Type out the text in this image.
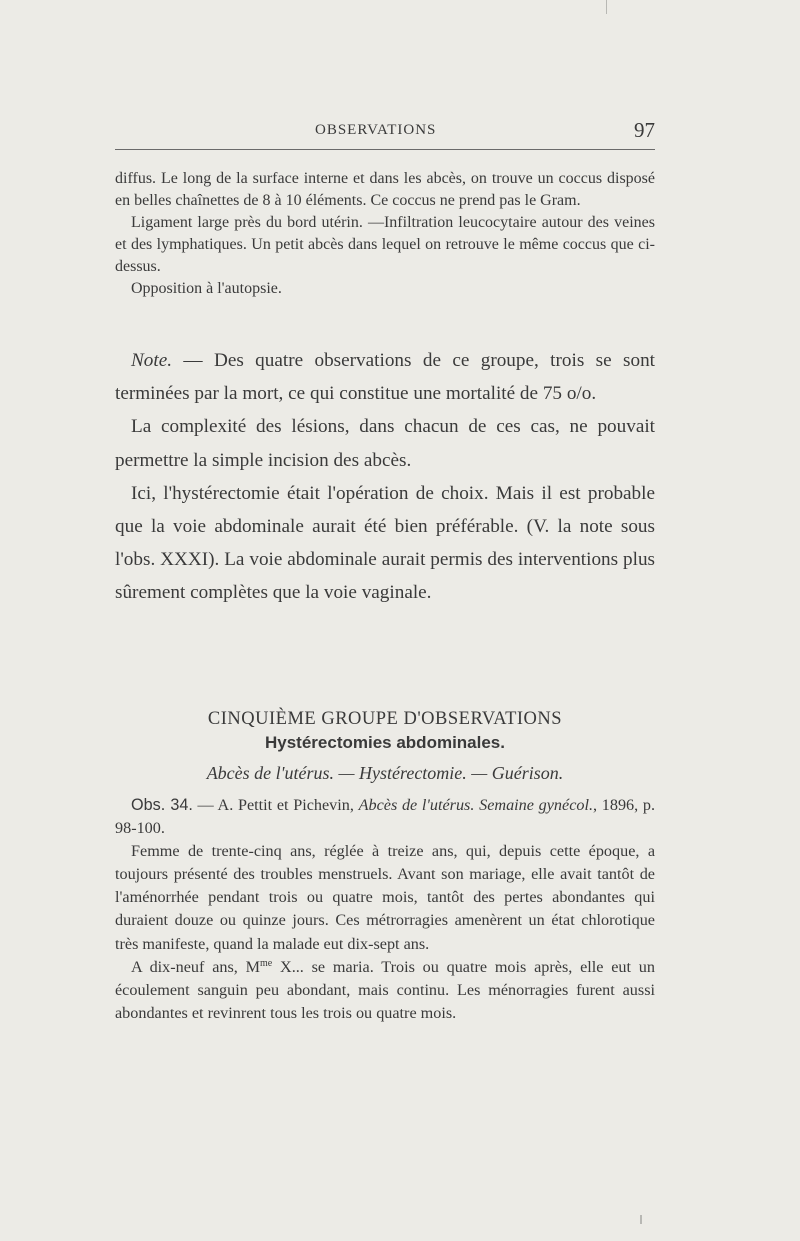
OBSERVATIONS	97

diffus. Le long de la surface interne et dans les abcès, on trouve un coccus disposé en belles chaînettes de 8 à 10 éléments. Ce coccus ne prend pas le Gram.

Ligament large près du bord utérin. —Infiltration leucocytaire autour des veines et des lymphatiques. Un petit abcès dans lequel on retrouve le même coccus que ci-dessus.

Opposition à l'autopsie.

Note. — Des quatre observations de ce groupe, trois se sont terminées par la mort, ce qui constitue une mortalité de 75 o/o.

La complexité des lésions, dans chacun de ces cas, ne pouvait permettre la simple incision des abcès.

Ici, l'hystérectomie était l'opération de choix. Mais il est probable que la voie abdominale aurait été bien préférable. (V. la note sous l'obs. XXXI). La voie abdominale aurait permis des interventions plus sûrement complètes que la voie vaginale.

CINQUIÈME GROUPE D'OBSERVATIONS
Hystérectomies abdominales.
Abcès de l'utérus. — Hystérectomie. — Guérison.

Obs. 34. — A. Pettit et Pichevin, Abcès de l'utérus. Semaine gynécol., 1896, p. 98-100.

Femme de trente-cinq ans, réglée à treize ans, qui, depuis cette époque, a toujours présenté des troubles menstruels. Avant son mariage, elle avait tantôt de l'aménorrhée pendant trois ou quatre mois, tantôt des pertes abondantes qui duraient douze ou quinze jours. Ces métrorragies amenèrent un état chlorotique très manifeste, quand la malade eut dix-sept ans.

A dix-neuf ans, $M^{me}$ X... se maria. Trois ou quatre mois après, elle eut un écoulement sanguin peu abondant, mais continu. Les ménorragies furent aussi abondantes et revinrent tous les trois ou quatre mois.
